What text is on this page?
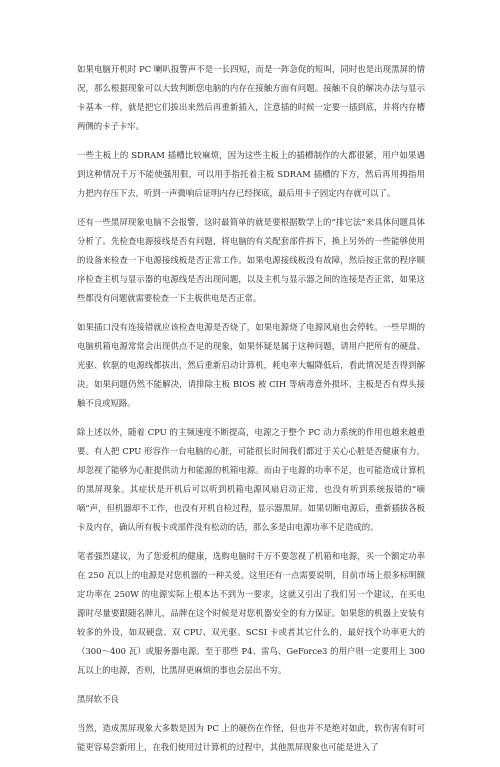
如果电脑开机时 PC 喇叭报警声不是一长四短，而是一阵急促的短叫，同时也是出现黑屏的情况，那么根据现象可以大致判断您电脑的内存在接触方面有问题。接触不良的解决办法与显示卡基本一样，就是把它们拔出来然后再重新插入，注意插的时候一定要一插到底，并将内存槽两侧的卡子卡牢。

一些主板上的 SDRAM 插槽比较麻烦，因为这些主板上的插槽制作的大都很紧，用户如果遇到这种情况千万不能使强用狠，可以用手指托着主板 SDRAM 插槽的下方，然后再用拇指用力把内存压下去，听到一声微响后证明内存已经探底，最后用卡子固定内存就可以了。

还有一些黑屏现象电脑不会报警，这时最简单的就是要根据数学上的“排它法”来具体问题具体分析了。先检查电源接线是否有问题，将电脑的有关配套部件拆下，换上另外的一些能够使用的设备来检查一下电源接线板是否正常工作。如果电源接线板没有故障，然后按正常的程序顺序检查主机与显示器的电源线是否出现问题，以及主机与显示器之间的连接是否正常，如果这些都没有问题就需要检查一下主板供电是否正常。

如果插口没有连接错就应该检查电源是否烧了，如果电源烧了电源风扇也会停转。一些早期的电脑机箱电源常常会出现供点不足的现象，如果怀疑是属于这种问题，请用户把所有的硬盘、光驱、软驱的电源线都拔出，然后重新启动计算机，耗电率大幅降低后，看此情况是否得到解决。如果问题仍然不能解决，请排除主板 BIOS 被 CIH 等病毒意外损坏、主板是否有焊头接触不良或短路。

除上述以外，随着 CPU 的主频速度不断提高，电源之于整个 PC 动力系统的作用也越来越重要。有人把 CPU 形容作一台电脑的心脏，可能很长时间我们都过于关心心脏是否健康有力，却忽视了能够为心脏提供动力和能源的机箱电源。而由于电源的功率不足，也可能造成计算机的黑屏现象。其症状是开机后可以听到机箱电源风扇启动正常，也没有听到系统报错的“嘀嘀”声，但机器却不工作，也没有开机自检过程，显示器黑屏。如果切断电源后，重新插拔各板卡及内存，确认所有板卡或部件没有松动的话，那么多是由电源功率不足造成的。

笔者强烈建议，为了您爱机的健康，选购电脑时千万不要忽视了机箱和电源，买一个额定功率在 250 瓦以上的电源是对您机器的一种关爱。这里还有一点需要说明，目前市场上很多标明额定功率在 250W 的电源实际上根本达不到为一要求，这就又引出了我们另一个建议，在买电源时尽量要跟随名牌儿，品牌在这个时候是对您机器安全的有力保证。如果您的机器上安装有较多的外设，如双硬盘、双 CPU、双光驱、SCSI 卡或者其它什么的，最好找个功率更大的（300～400 瓦）或服务器电源。至于那些 P4、雷鸟、GeForce3 的用户则一定要用上 300 瓦以上的电源，否则，比黑屏更麻烦的事也会层出不穷。

黑屏软不良

当然，造成黑屏现象大多数是因为 PC 上的硬伤在作怪，但也并不是绝对如此，软伤害有时可能更容易尝新用上，在我们使用过计算机的过程中，其他黑屏现象也可能是进入了
